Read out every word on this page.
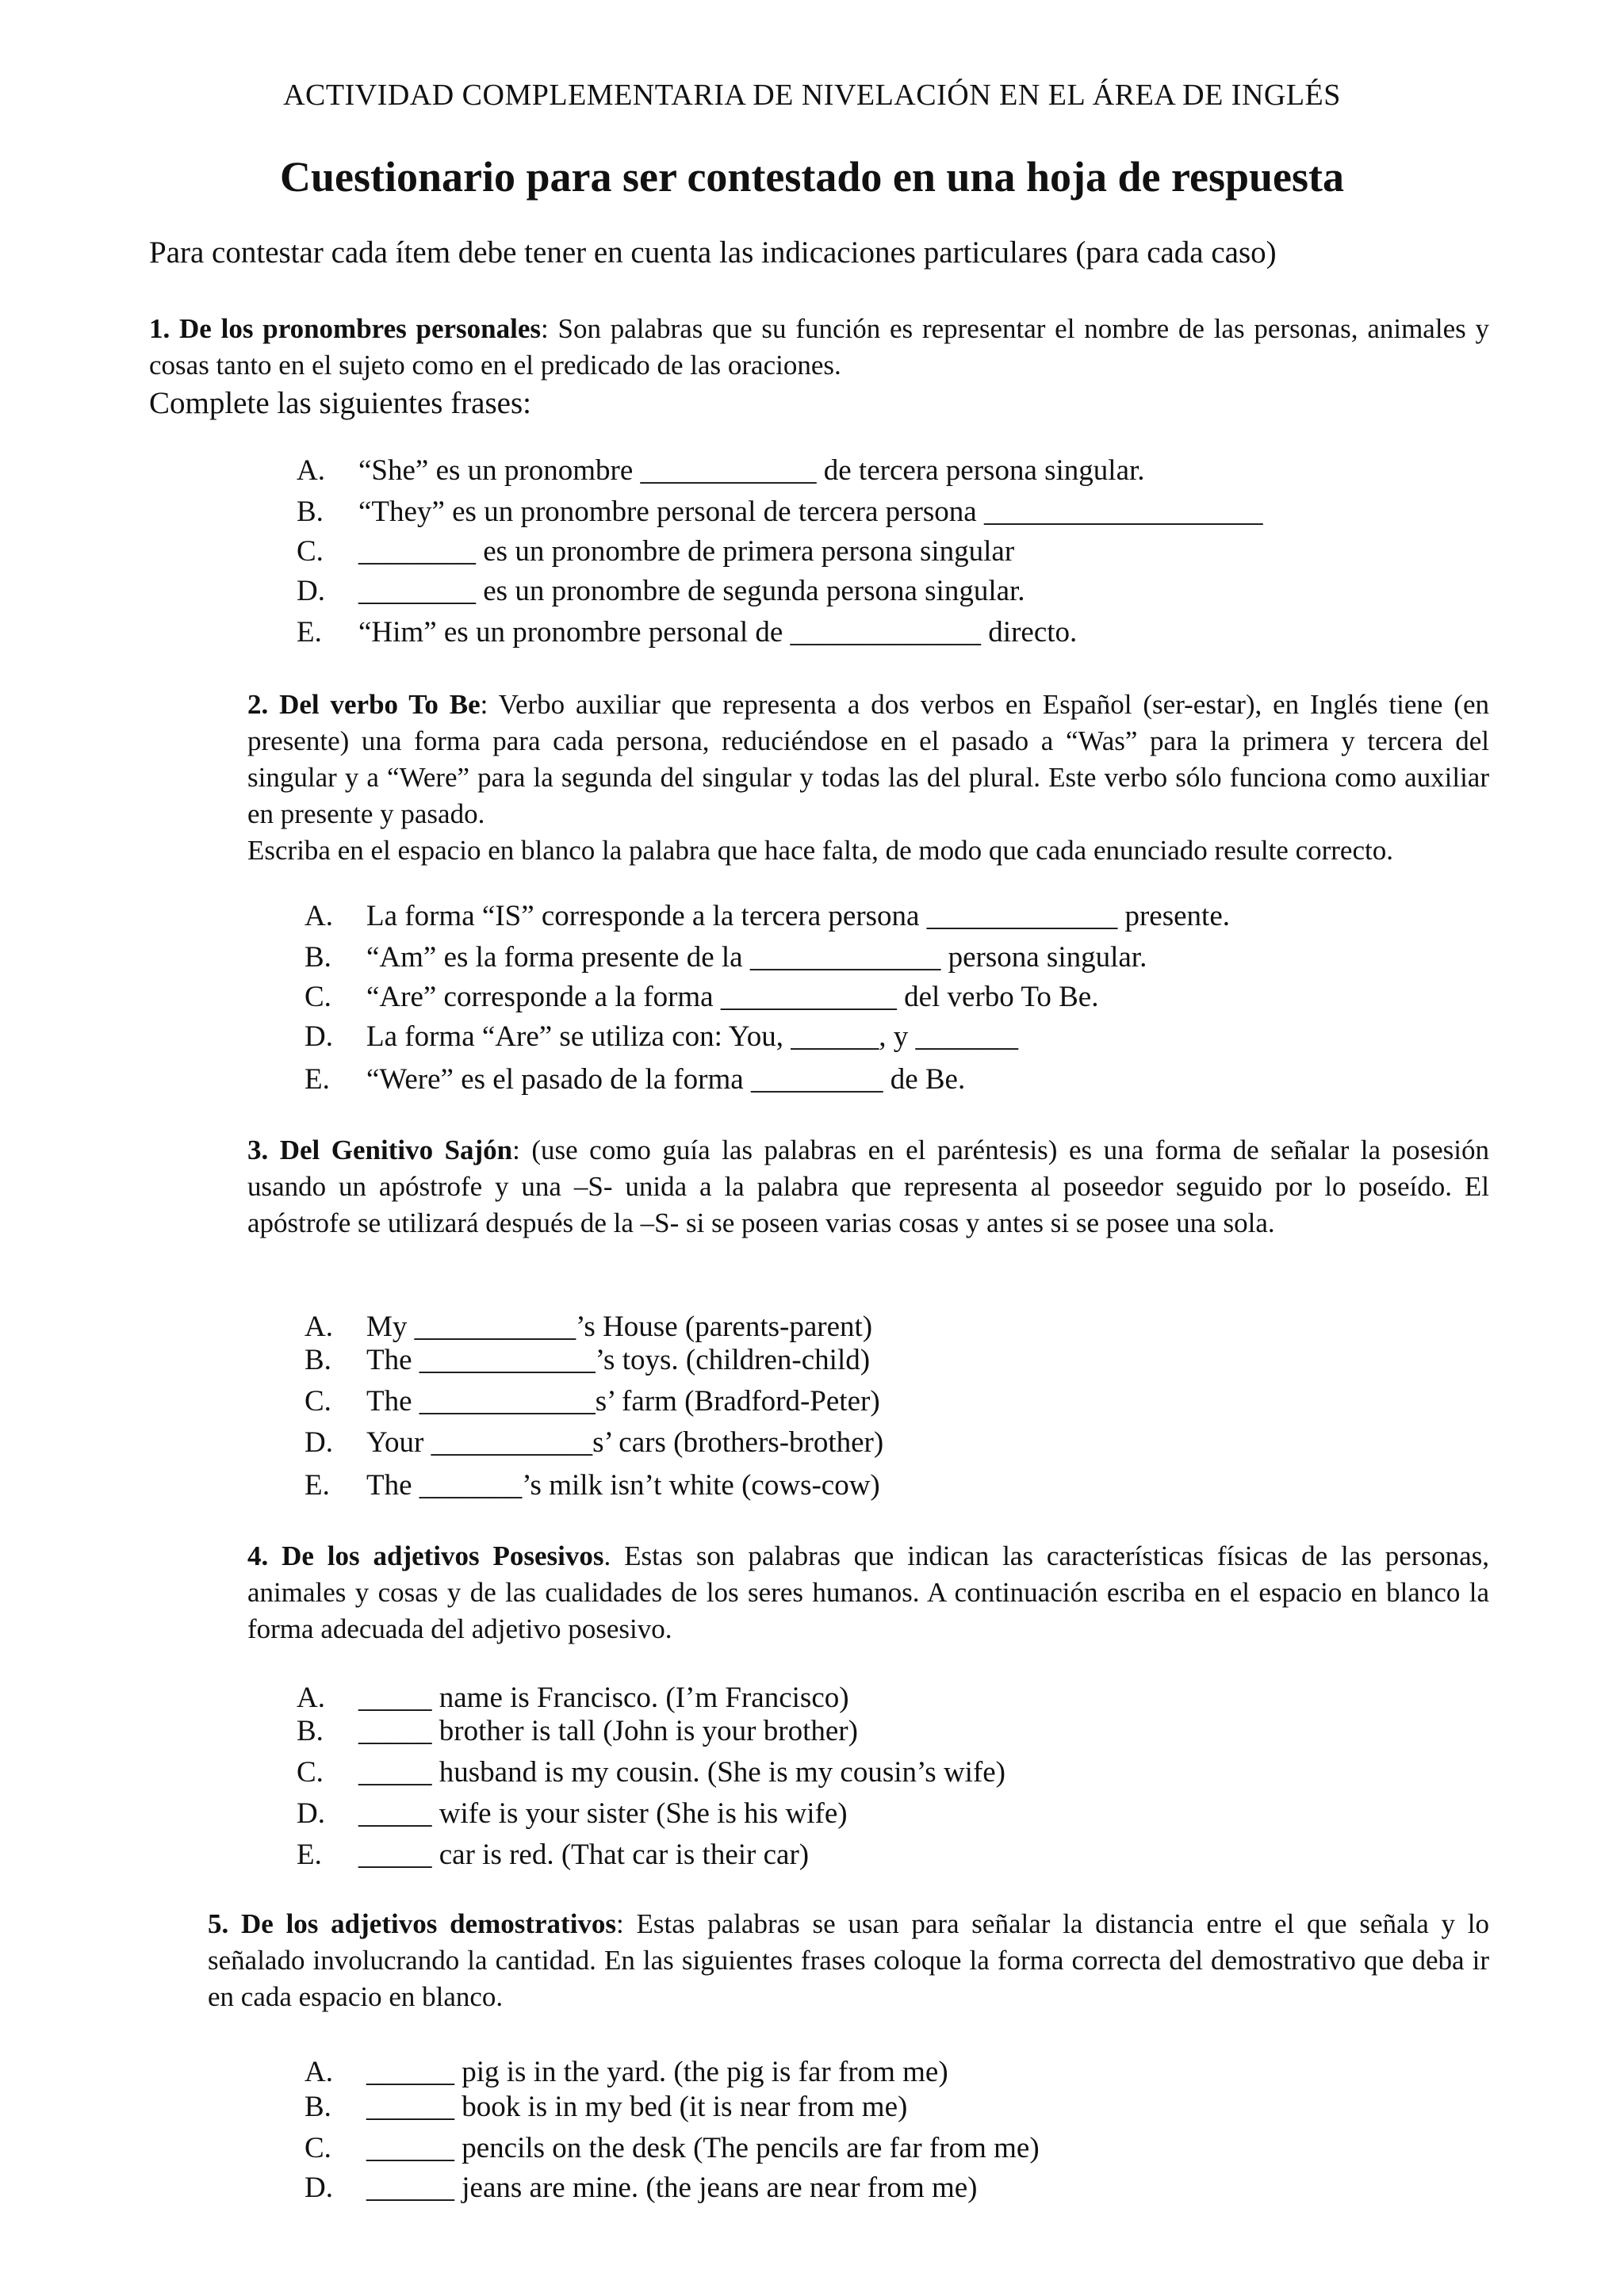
ACTIVIDAD COMPLEMENTARIA DE NIVELACIÓN EN EL ÁREA DE INGLÉS
Cuestionario para ser contestado en una hoja de respuesta
Para contestar cada ítem debe tener en cuenta las indicaciones particulares (para cada caso)
1. De los pronombres personales: Son palabras que su función es representar el nombre de las personas, animales y cosas tanto en el sujeto como en el predicado de las oraciones.
Complete las siguientes frases:
A. “She” es un pronombre ____________ de tercera persona singular.
B. “They” es un pronombre personal de tercera persona ___________________
C. ________ es un pronombre de primera persona singular
D. ________ es un pronombre de segunda persona singular.
E. “Him” es un pronombre personal de _____________ directo.
2. Del verbo To Be: Verbo auxiliar que representa a dos verbos en Español (ser-estar), en Inglés tiene (en presente) una forma para cada persona, reduciéndose en el pasado a “Was” para la primera y tercera del singular y a “Were” para la segunda del singular y todas las del plural. Este verbo sólo funciona como auxiliar en presente y pasado.
Escriba en el espacio en blanco la palabra que hace falta, de modo que cada enunciado resulte correcto.
A. La forma “IS” corresponde a la tercera persona _____________ presente.
B. “Am” es la forma presente de la _____________ persona singular.
C. “Are” corresponde a la forma ____________ del verbo To Be.
D. La forma “Are” se utiliza con: You, ______, y _______
E. “Were” es el pasado de la forma _________ de Be.
3. Del Genitivo Sajón: (use como guía las palabras en el paréntesis) es una forma de señalar la posesión usando un apóstrofe y una –S- unida a la palabra que representa al poseedor seguido por lo poseído. El apóstrofe se utilizará después de la –S- si se poseen varias cosas y antes si se posee una sola.
A. My ___________’s House (parents-parent)
B. The ____________’s toys. (children-child)
C. The ____________s’ farm (Bradford-Peter)
D. Your ___________s’ cars (brothers-brother)
E. The _______’s milk isn’t white (cows-cow)
4. De los adjetivos Posesivos. Estas son palabras que indican las características físicas de las personas, animales y cosas y de las cualidades de los seres humanos. A continuación escriba en el espacio en blanco la forma adecuada del adjetivo posesivo.
A. _____ name is Francisco. (I’m Francisco)
B. _____ brother is tall (John is your brother)
C. _____ husband is my cousin. (She is my cousin’s wife)
D. _____ wife is your sister (She is his wife)
E. _____ car is red. (That car is their car)
5. De los adjetivos demostrativos: Estas palabras se usan para señalar la distancia entre el que señala y lo señalado involucrando la cantidad. En las siguientes frases coloque la forma correcta del demostrativo que deba ir en cada espacio en blanco.
A. ______ pig is in the yard. (the pig is far from me)
B. ______ book is in my bed (it is near from me)
C. ______ pencils on the desk (The pencils are far from me)
D. ______ jeans are mine. (the jeans are near from me)
